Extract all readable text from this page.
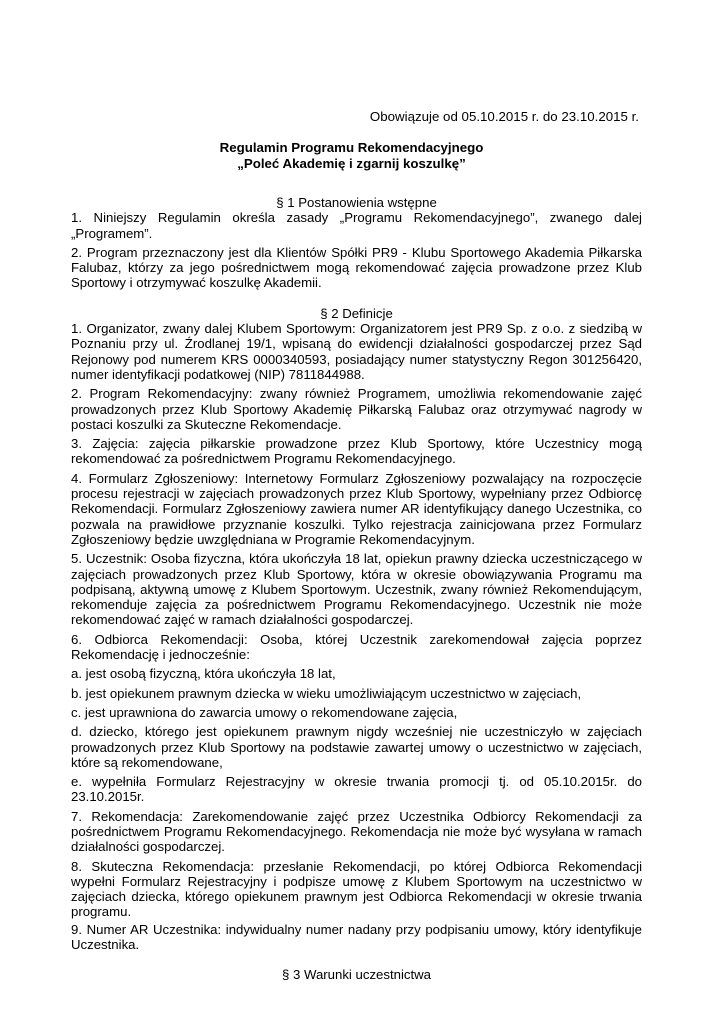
Obowiązuje od 05.10.2015 r. do 23.10.2015 r.
Regulamin Programu Rekomendacyjnego
„Poleć Akademię i zgarnij koszulkę”
§ 1 Postanowienia wstępne

1. Niniejszy Regulamin określa zasady „Programu Rekomendacyjnego”, zwanego dalej „Programem”.

2. Program przeznaczony jest dla Klientów Spółki PR9 - Klubu Sportowego Akademia Piłkarska Falubaz, którzy za jego pośrednictwem mogą rekomendować zajęcia prowadzone przez Klub Sportowy i otrzymywać koszulkę Akademii.

§ 2 Definicje

1. Organizator, zwany dalej Klubem Sportowym: Organizatorem jest PR9 Sp. z o.o. z siedzibą w Poznaniu przy ul. Źrodlanej 19/1, wpisaną do ewidencji działalności gospodarczej przez Sąd Rejonowy pod numerem KRS 0000340593, posiadający numer statystyczny Regon 301256420, numer identyfikacji podatkowej (NIP) 7811844988.

2. Program Rekomendacyjny: zwany również Programem, umożliwia rekomendowanie zajęć prowadzonych przez Klub Sportowy Akademię Piłkarską Falubaz oraz otrzymywać nagrody w postaci koszulki za Skuteczne Rekomendacje.

3. Zajęcia: zajęcia piłkarskie prowadzone przez Klub Sportowy, które Uczestnicy mogą rekomendować za pośrednictwem Programu Rekomendacyjnego.

4. Formularz Zgłoszeniowy: Internetowy Formularz Zgłoszeniowy pozwalający na rozpoczęcie procesu rejestracji w zajęciach prowadzonych przez Klub Sportowy, wypełniany przez Odbiorcę Rekomendacji. Formularz Zgłoszeniowy zawiera numer AR identyfikujący danego Uczestnika, co pozwala na prawidłowe przyznanie koszulki. Tylko rejestracja zainicjowana przez Formularz Zgłoszeniowy będzie uwzględniana w Programie Rekomendacyjnym.

5. Uczestnik: Osoba fizyczna, która ukończyła 18 lat, opiekun prawny dziecka uczestniczącego w zajęciach prowadzonych przez Klub Sportowy, która w okresie obowiązywania Programu ma podpisaną, aktywną umowę z Klubem Sportowym. Uczestnik, zwany również Rekomendującym, rekomenduje zajęcia za pośrednictwem Programu Rekomendacyjnego. Uczestnik nie może rekomendować zajęć w ramach działalności gospodarczej.

6. Odbiorca Rekomendacji: Osoba, której Uczestnik zarekomendował zajęcia poprzez Rekomendację i jednocześnie:

a. jest osobą fizyczną, która ukończyła 18 lat,

b. jest opiekunem prawnym dziecka w wieku umożliwiającym uczestnictwo w zajęciach,

c. jest uprawniona do zawarcia umowy o rekomendowane zajęcia,

d. dziecko, którego jest opiekunem prawnym nigdy wcześniej nie uczestniczyło w zajęciach prowadzonych przez Klub Sportowy na podstawie zawartej umowy o uczestnictwo w zajęciach, które są rekomendowane,

e. wypełniła Formularz Rejestracyjny w okresie trwania promocji tj. od 05.10.2015r. do 23.10.2015r.

7. Rekomendacja: Zarekomendowanie zajęć przez Uczestnika Odbiorcy Rekomendacji za pośrednictwem Programu Rekomendacyjnego. Rekomendacja nie może być wysyłana w ramach działalności gospodarczej.

8. Skuteczna Rekomendacja: przesłanie Rekomendacji, po której Odbiorca Rekomendacji wypełni Formularz Rejestracyjny i podpisze umowę z Klubem Sportowym na uczestnictwo w zajęciach dziecka, którego opiekunem prawnym jest Odbiorca Rekomendacji w okresie trwania programu.

9. Numer AR Uczestnika: indywidualny numer nadany przy podpisaniu umowy, który identyfikuje Uczestnika.

§ 3 Warunki uczestnictwa
